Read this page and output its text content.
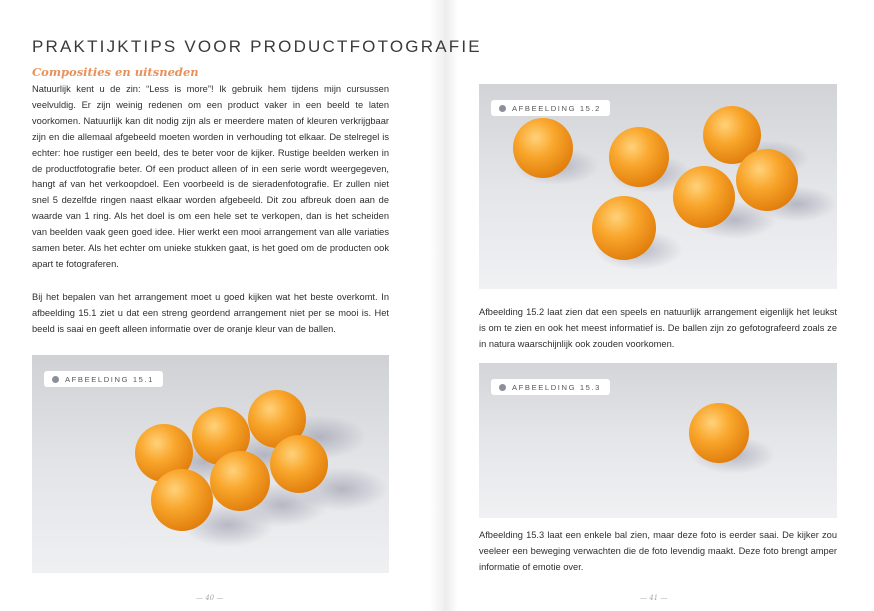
PRAKTIJKTIPS VOOR PRODUCTFOTOGRAFIE
Composities en uitsneden

Natuurlijk kent u de zin: “Less is more”! Ik gebruik hem tijdens mijn cursussen veelvuldig. Er zijn weinig redenen om een product vaker in een beeld te laten voorkomen. Natuurlijk kan dit nodig zijn als er meerdere maten of kleuren verkrijgbaar zijn en die allemaal afgebeeld moeten worden in verhouding tot elkaar. De stelregel is echter: hoe rustiger een beeld, des te beter voor de kijker. Rustige beelden werken in de productfotografie beter. Of een product alleen of in een serie wordt weergegeven, hangt af van het verkoopdoel. Een voorbeeld is de sieradenfotografie. Er zullen niet snel 5 dezelfde ringen naast elkaar worden afgebeeld. Dit zou afbreuk doen aan de waarde van 1 ring. Als het doel is om een hele set te verkopen, dan is het scheiden van beelden vaak geen goed idee. Hier werkt een mooi arrangement van alle variaties samen beter. Als het echter om unieke stukken gaat, is het goed om de producten ook apart te fotograferen.

Bij het bepalen van het arrangement moet u goed kijken wat het beste overkomt. In afbeelding 15.1 ziet u dat een streng geordend arrangement niet per se mooi is. Het beeld is saai en geeft alleen informatie over de oranje kleur van de ballen.

AFBEELDING 15.1
AFBEELDING 15.2

Afbeelding 15.2 laat zien dat een speels en natuurlijk arrangement eigenlijk het leukst is om te zien en ook het meest informatief is. De ballen zijn zo gefotografeerd zoals ze in natura waarschijnlijk ook zouden voorkomen.

AFBEELDING 15.3

Afbeelding 15.3 laat een enkele bal zien, maar deze foto is eerder saai. De kijker zou veeleer een beweging verwachten die de foto levendig maakt. Deze foto brengt amper informatie of emotie over.

— 40 —	— 41 —
